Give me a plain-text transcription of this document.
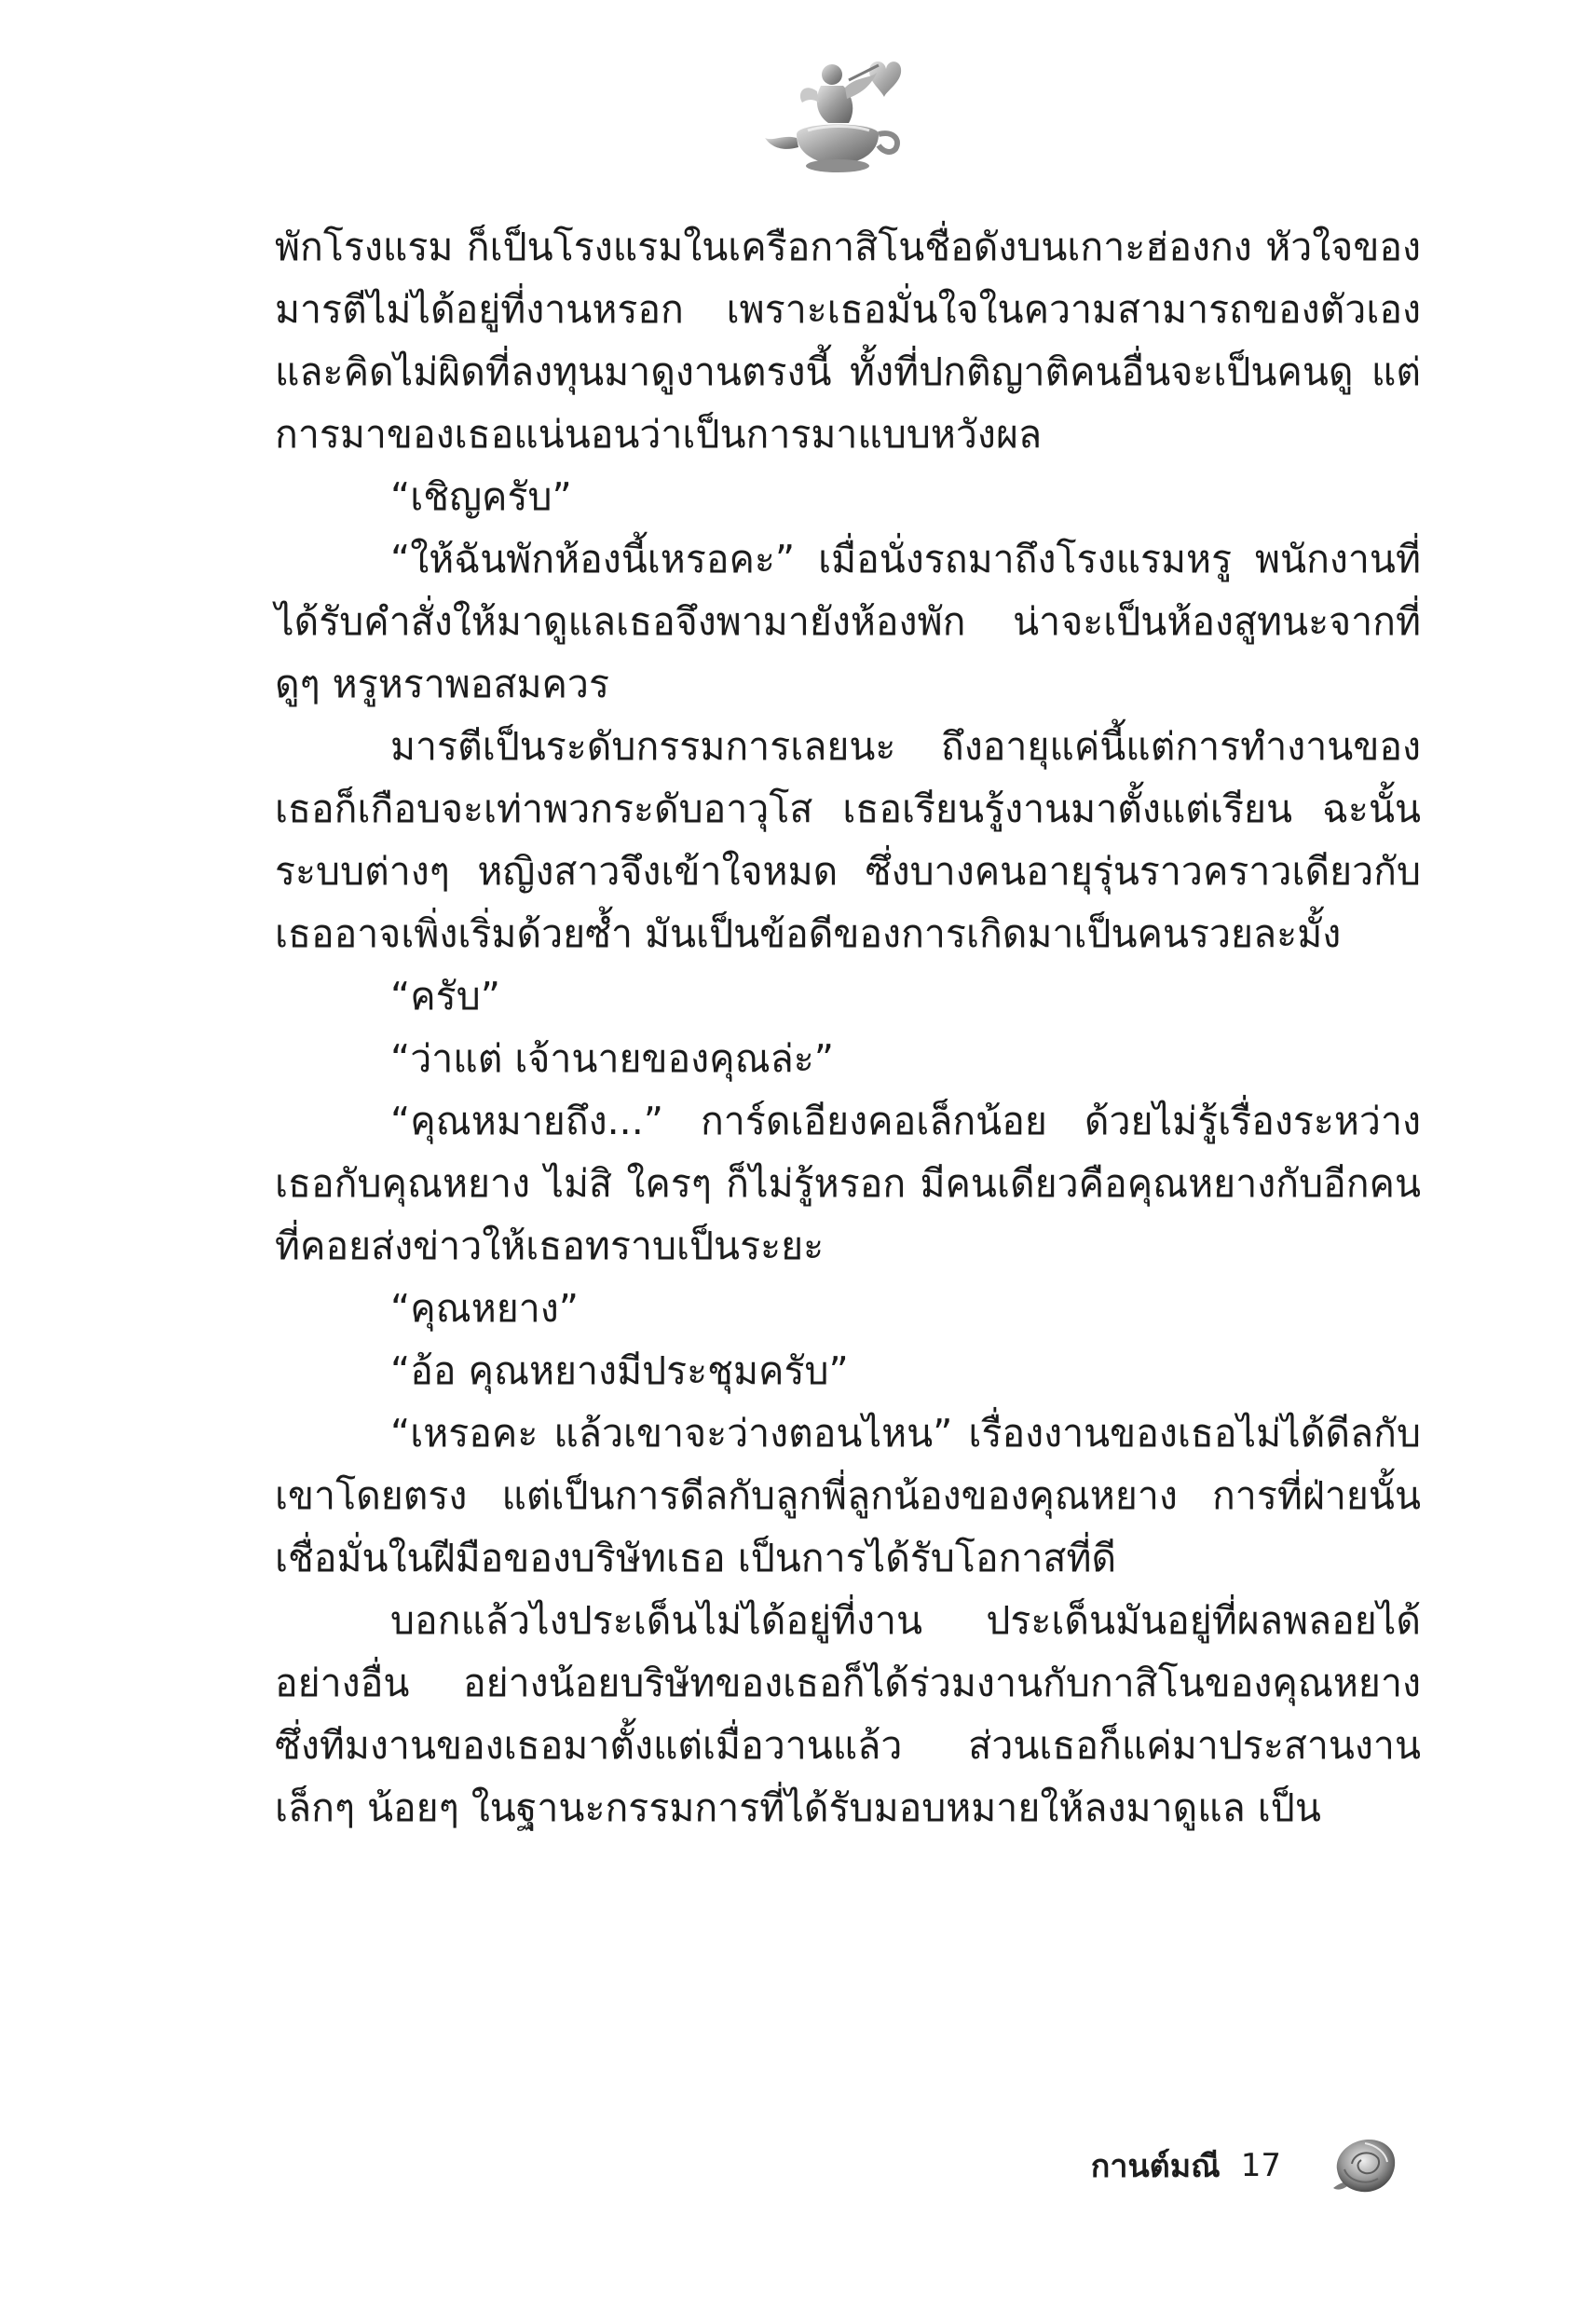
พักโรงแรม ก็เป็นโรงแรมในเครือกาสิโนชื่อดังบนเกาะฮ่องกง หัวใจของมารตีไม่ได้อยู่ที่งานหรอก เพราะเธอมั่นใจในความสามารถของตัวเอง และคิดไม่ผิดที่ลงทุนมาดูงานตรงนี้ ทั้งที่ปกติญาติคนอื่นจะเป็นคนดู แต่การมาของเธอแน่นอนว่าเป็นการมาแบบหวังผล

“เชิญครับ”

“ให้ฉันพักห้องนี้เหรอคะ” เมื่อนั่งรถมาถึงโรงแรมหรู พนักงานที่ได้รับคำสั่งให้มาดูแลเธอจึงพามายังห้องพัก น่าจะเป็นห้องสูทนะจากที่ดูๆ หรูหราพอสมควร

มารตีเป็นระดับกรรมการเลยนะ ถึงอายุแค่นี้แต่การทำงานของเธอก็เกือบจะเท่าพวกระดับอาวุโส เธอเรียนรู้งานมาตั้งแต่เรียน ฉะนั้นระบบต่างๆ หญิงสาวจึงเข้าใจหมด ซึ่งบางคนอายุรุ่นราวคราวเดียวกับเธออาจเพิ่งเริ่มด้วยซ้ำ มันเป็นข้อดีของการเกิดมาเป็นคนรวยละมั้ง

“ครับ”

“ว่าแต่ เจ้านายของคุณล่ะ”

“คุณหมายถึง...” การ์ดเอียงคอเล็กน้อย ด้วยไม่รู้เรื่องระหว่างเธอกับคุณหยาง ไม่สิ ใครๆ ก็ไม่รู้หรอก มีคนเดียวคือคุณหยางกับอีกคนที่คอยส่งข่าวให้เธอทราบเป็นระยะ

“คุณหยาง”

“อ้อ คุณหยางมีประชุมครับ”

“เหรอคะ แล้วเขาจะว่างตอนไหน” เรื่องงานของเธอไม่ได้ดีลกับเขาโดยตรง แต่เป็นการดีลกับลูกพี่ลูกน้องของคุณหยาง การที่ฝ่ายนั้นเชื่อมั่นในฝีมือของบริษัทเธอ เป็นการได้รับโอกาสที่ดี

บอกแล้วไงประเด็นไม่ได้อยู่ที่งาน ประเด็นมันอยู่ที่ผลพลอยได้อย่างอื่น อย่างน้อยบริษัทของเธอก็ได้ร่วมงานกับกาสิโนของคุณหยางซึ่งทีมงานของเธอมาตั้งแต่เมื่อวานแล้ว ส่วนเธอก็แค่มาประสานงานเล็กๆ น้อยๆ ในฐานะกรรมการที่ได้รับมอบหมายให้ลงมาดูแล เป็น

กานต์มณี 17
